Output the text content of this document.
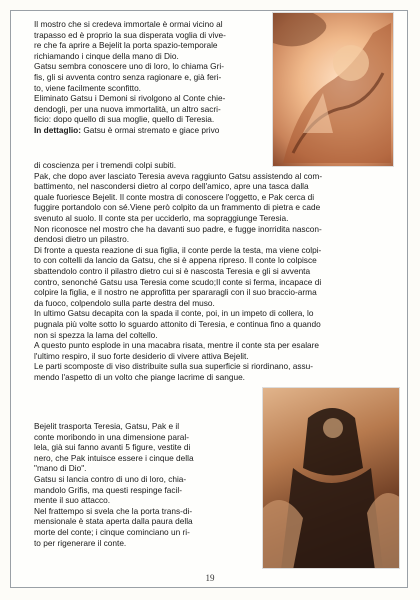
Il mostro che si credeva immortale è ormai vicino al

trapasso ed è proprio la sua disperata voglia di vive-

re che fa aprire a Bejelit la porta spazio-temporale

richiamando i cinque della mano di Dio.

Gatsu sembra conoscere uno di loro, lo chiama Gri-

fis, gli si avventa contro senza ragionare e, già feri-

to, viene facilmente sconfitto.

Eliminato Gatsu i Demoni si rivolgono al Conte chie-

dendogli, per una nuova immortalità, un altro sacri-

ficio: dopo quello di sua moglie, quello di Teresia.

In dettaglio: Gatsu è ormai stremato e giace privo

di coscienza per i tremendi colpi subiti.

Pak, che dopo aver lasciato Teresia aveva raggiunto Gatsu assistendo al com-

battimento, nel nascondersi dietro al corpo dell'amico, apre una tasca dalla

quale fuoriesce Bejelit. Il conte mostra di conoscere l'oggetto, e Pak cerca di

fuggire portandolo con sé.Viene però colpito da un frammento di pietra e cade

svenuto al suolo. Il conte sta per ucciderlo, ma sopraggiunge Teresia.

Non riconosce nel mostro che ha davanti suo padre, e fugge inorridita nascon-

dendosi dietro un pilastro.

Di fronte a questa reazione di sua figlia, il conte perde la testa, ma viene colpi-

to con coltelli da lancio da Gatsu, che si è appena ripreso. Il conte lo colpisce

sbattendolo contro il pilastro dietro cui si è nascosta Teresia e gli si avventa

contro, senonché Gatsu usa Teresia come scudo;Il conte si ferma, incapace di

colpire la figlia, e il nostro ne approfitta per spararagli con il suo braccio-arma

da fuoco, colpendolo sulla parte destra del muso.

In ultimo Gatsu decapita con la spada il conte, poi, in un impeto di collera, lo

pugnala più volte sotto lo sguardo attonito di Teresia, e continua fino a quando

non si spezza la lama del coltello.

A questo punto esplode in una macabra risata, mentre il conte sta per esalare

l'ultimo respiro, il suo forte desiderio di vivere attiva Bejelit.

Le parti scomposte di viso distribuite sulla sua superficie si riordinano, assu-

mendo l'aspetto di un volto che piange lacrime di sangue.

Bejelit trasporta Teresia, Gatsu, Pak e il

conte moribondo in una dimensione paral-

lela, già sui fanno avanti 5 figure, vestite di

nero, che Pak intuisce essere i cinque della

"mano di Dio".

Gatsu si lancia contro di uno di loro, chia-

mandolo Grifis, ma questi respinge facil-

mente il suo attacco.

Nel frattempo si svela che la porta trans-di-

mensionale è stata aperta dalla paura della

morte del conte; i cinque cominciano un ri-

to per rigenerare il conte.

19
